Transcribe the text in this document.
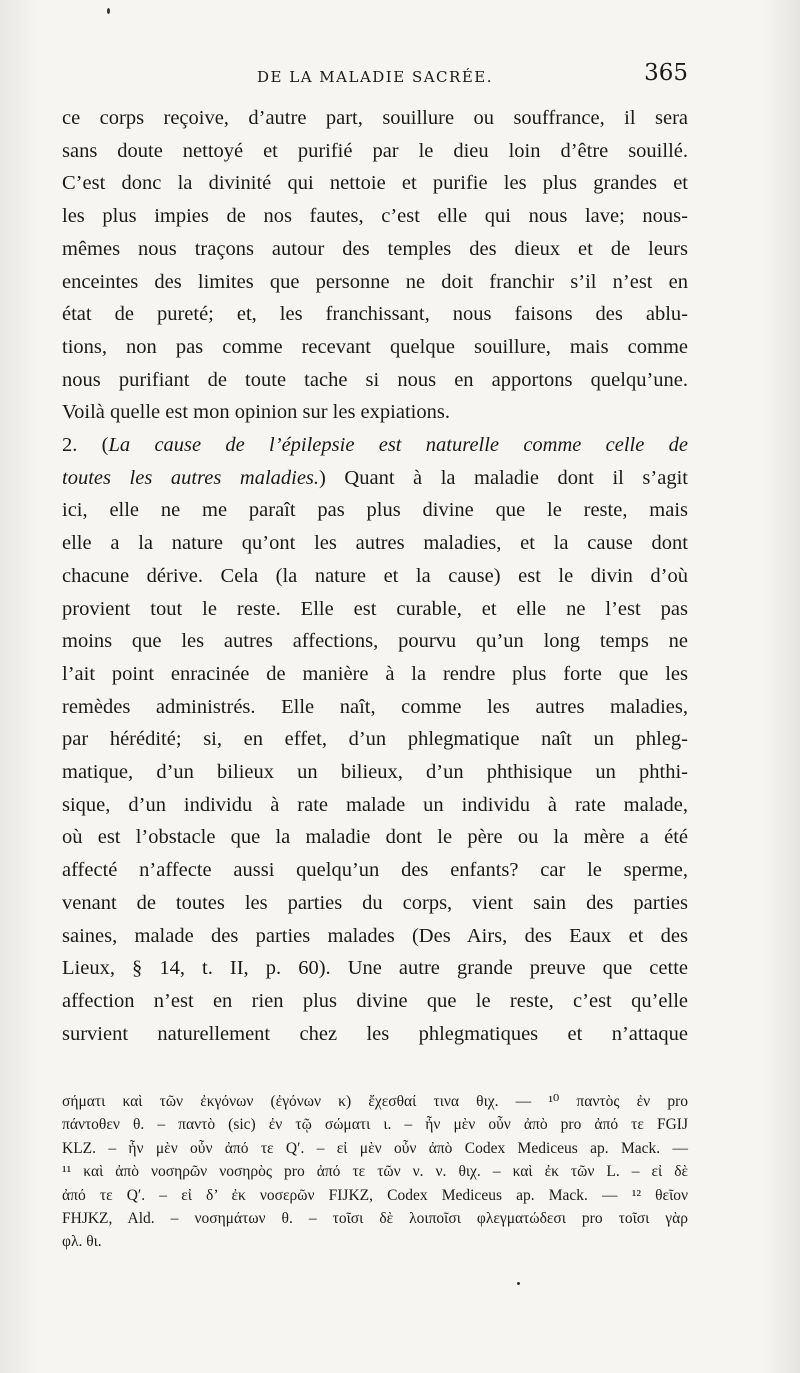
DE LA MALADIE SACRÉE.	365
ce corps reçoive, d’autre part, souillure ou souffrance, il sera
sans doute nettoyé et purifié par le dieu loin d’être souillé.
C’est donc la divinité qui nettoie et purifie les plus grandes et
les plus impies de nos fautes, c’est elle qui nous lave; nous-
mêmes nous traçons autour des temples des dieux et de leurs
enceintes des limites que personne ne doit franchir s’il n’est en
état de pureté; et, les franchissant, nous faisons des ablu-
tions, non pas comme recevant quelque souillure, mais comme
nous purifiant de toute tache si nous en apportons quelqu’une.
Voilà quelle est mon opinion sur les expiations.
2. (La cause de l’épilepsie est naturelle comme celle de
toutes les autres maladies.) Quant à la maladie dont il s’agit
ici, elle ne me paraît pas plus divine que le reste, mais
elle a la nature qu’ont les autres maladies, et la cause dont
chacune dérive. Cela (la nature et la cause) est le divin d’où
provient tout le reste. Elle est curable, et elle ne l’est pas
moins que les autres affections, pourvu qu’un long temps ne
l’ait point enracinée de manière à la rendre plus forte que les
remèdes administrés. Elle naît, comme les autres maladies,
par hérédité; si, en effet, d’un phlegmatique naît un phleg-
matique, d’un bilieux un bilieux, d’un phthisique un phthi-
sique, d’un individu à rate malade un individu à rate malade,
où est l’obstacle que la maladie dont le père ou la mère a été
affecté n’affecte aussi quelqu’un des enfants? car le sperme,
venant de toutes les parties du corps, vient sain des parties
saines, malade des parties malades (Des Airs, des Eaux et des
Lieux, § 14, t. II, p. 60). Une autre grande preuve que cette
affection n’est en rien plus divine que le reste, c’est qu’elle
survient naturellement chez les phlegmatiques et n’attaque
σήματι καὶ τῶν ἐκγόνων (ἐγόνων κ) ἔχεσθαί τινα θιχ. — ¹⁰ παντὸς ἐν pro
πάντοθεν θ. – παντὸ (sic) ἐν τῷ σώματι ι. – ἦν μὲν οὖν ἀπὸ pro ἀπό τε FGIJ
KLZ. – ἦν μὲν οὖν ἀπό τε Q′. – εἰ μὲν οὖν ἀπὸ Codex Mediceus ap. Mack. —
¹¹ καὶ ἀπὸ νοσηρῶν νοσηρὸς pro ἀπό τε τῶν ν. ν. θιχ. – καὶ ἐκ τῶν L. – εἰ δὲ
ἀπό τε Q′. – εἰ δ’ ἐκ νοσερῶν FIJKZ, Codex Mediceus ap. Mack. — ¹² θεῖον
FHJKZ, Ald. – νοσημάτων θ. – τοῖσι δὲ λοιποῖσι φλεγματώδεσι pro τοῖσι γὰρ
φλ. θι.
